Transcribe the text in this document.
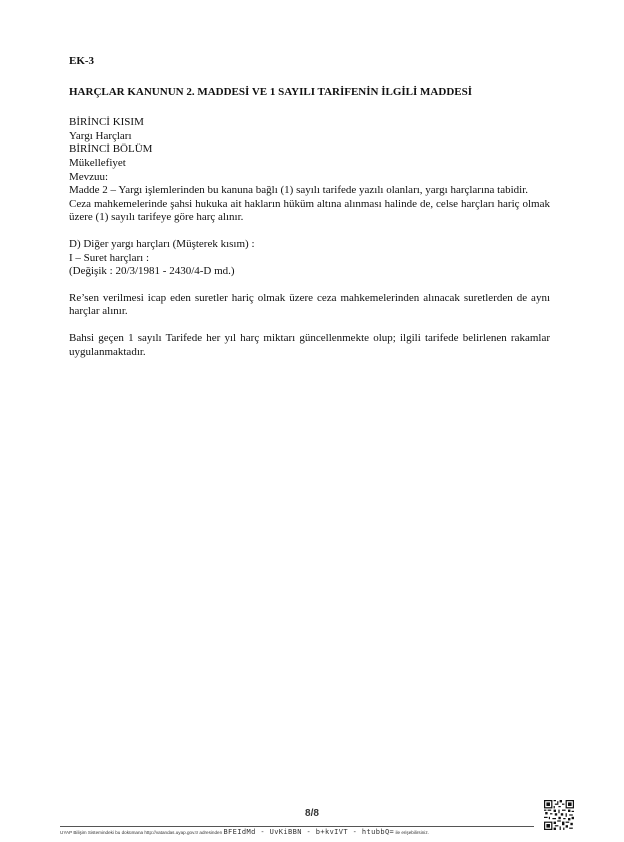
EK-3
HARÇLAR KANUNUN 2. MADDESİ VE 1 SAYILI TARİFENİN İLGİLİ MADDESİ
BİRİNCİ KISIM
Yargı Harçları
BİRİNCİ BÖLÜM
Mükellefiyet
Mevzuu:
Madde 2 – Yargı işlemlerinden bu kanuna bağlı (1) sayılı tarifede yazılı olanları, yargı harçlarına tabidir.
Ceza mahkemelerinde şahsi hukuka ait hakların hüküm altına alınması halinde de, celse harçları hariç olmak üzere (1) sayılı tarifeye göre harç alınır.
D) Diğer yargı harçları (Müşterek kısım) :
I – Suret harçları :
(Değişik : 20/3/1981 - 2430/4-D md.)
Re’sen verilmesi icap eden suretler hariç olmak üzere ceza mahkemelerinden alınacak suretlerden de aynı harçlar alınır.
Bahsi geçen 1 sayılı Tarifede her yıl harç miktarı güncellenmekte olup; ilgili tarifede belirlenen rakamlar uygulanmaktadır.
8/8
UYAP Bilişim Sistemindeki bu dokümana http://vatandas.uyap.gov.tr adresinden BFEIdMd - UvKiBBN - b+kvIVT - htubbQ= ile erişebilirsiniz.
